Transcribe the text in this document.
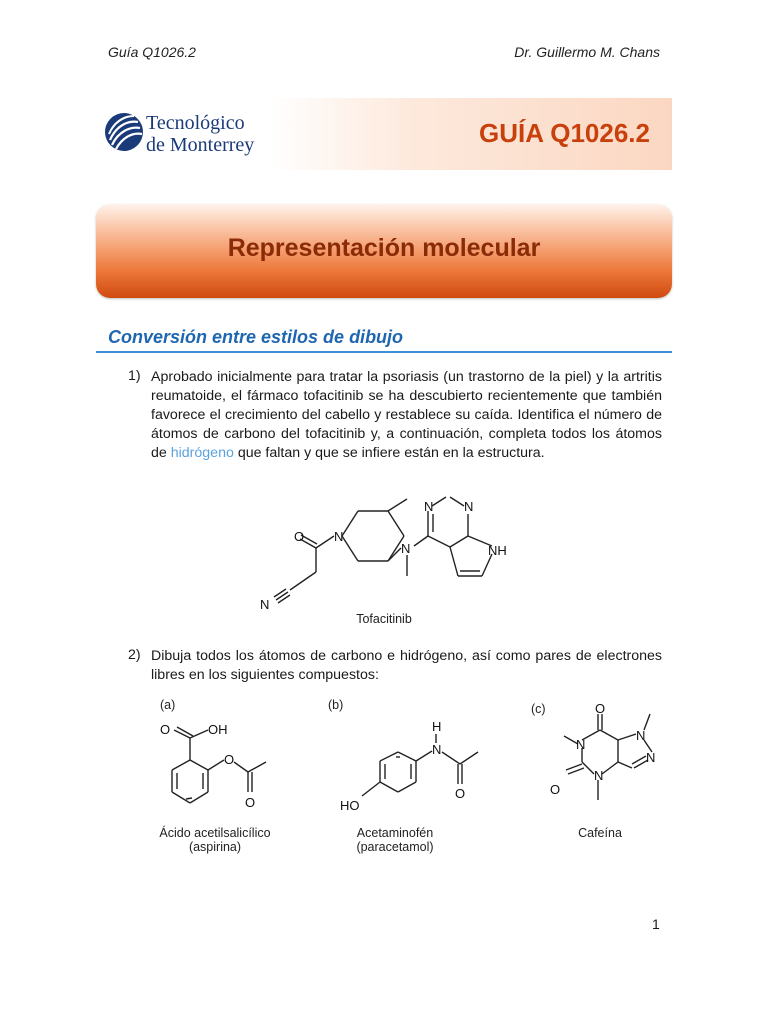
Guía Q1026.2	Dr. Guillermo M. Chans
Tecnológico
de Monterrey	GUÍA Q1026.2
Representación molecular
Conversión entre estilos de dibujo
1) Aprobado inicialmente para tratar la psoriasis (un trastorno de la piel) y la artritis reumatoide, el fármaco tofacitinib se ha descubierto recientemente que también favorece el crecimiento del cabello y restablece su caída. Identifica el número de átomos de carbono del tofacitinib y, a continuación, completa todos los átomos de hidrógeno que faltan y que se infiere están en la estructura.
O N
N
N N
NH
N
Tofacitinib
2) Dibuja todos los átomos de carbono e hidrógeno, así como pares de electrones libres en los siguientes compuestos:
(a)
O	OH
O
O
Ácido acetilsalicílico
(aspirina)
(b)
H
N
HO
O
Acetaminofén
(paracetamol)
(c)	O
N
O
N
N
N
Cafeína
1
